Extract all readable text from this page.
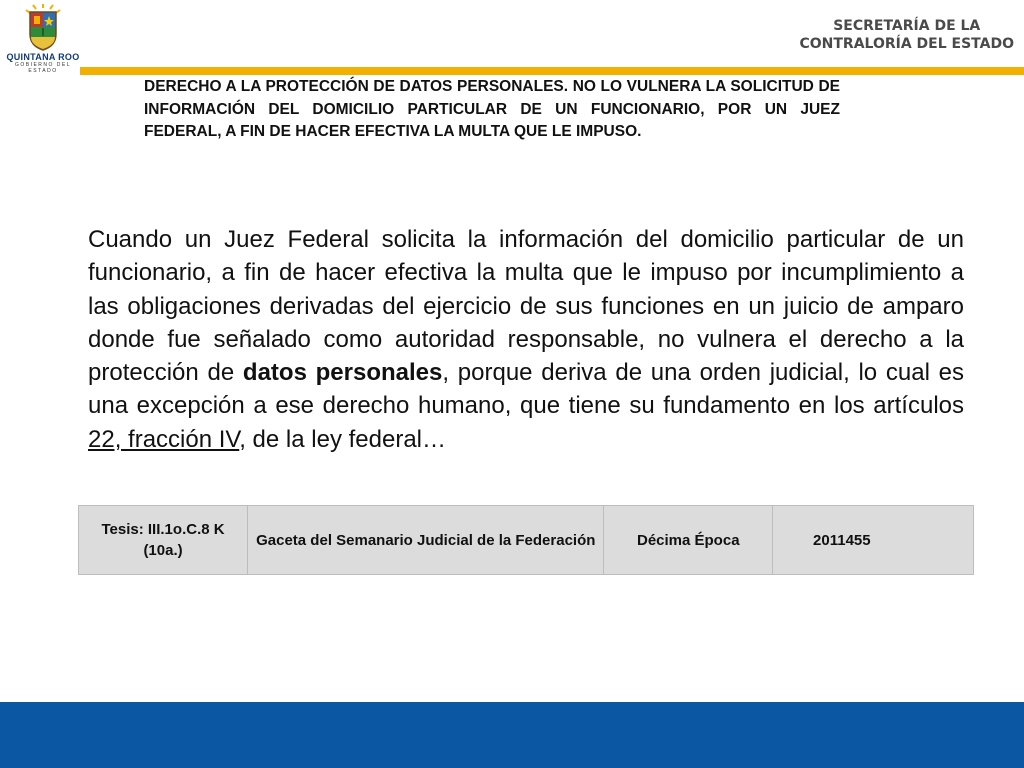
QUINTANA ROO
GOBIERNO DEL ESTADO
SECRETARÍA DE LA
CONTRALORÍA DEL ESTADO

DERECHO A LA PROTECCIÓN DE DATOS PERSONALES. NO LO VULNERA LA SOLICITUD DE INFORMACIÓN DEL DOMICILIO PARTICULAR DE UN FUNCIONARIO, POR UN JUEZ FEDERAL, A FIN DE HACER EFECTIVA LA MULTA QUE LE IMPUSO.

Cuando un Juez Federal solicita la información del domicilio particular de un funcionario, a fin de hacer efectiva la multa que le impuso por incumplimiento a las obligaciones derivadas del ejercicio de sus funciones en un juicio de amparo donde fue señalado como autoridad responsable, no vulnera el derecho a la protección de datos personales, porque deriva de una orden judicial, lo cual es una excepción a ese derecho humano, que tiene su fundamento en los artículos 22, fracción IV, de la ley federal…

Tesis: III.1o.C.8 K (10a.)	Gaceta del Semanario Judicial de la Federación	Décima Época	2011455
